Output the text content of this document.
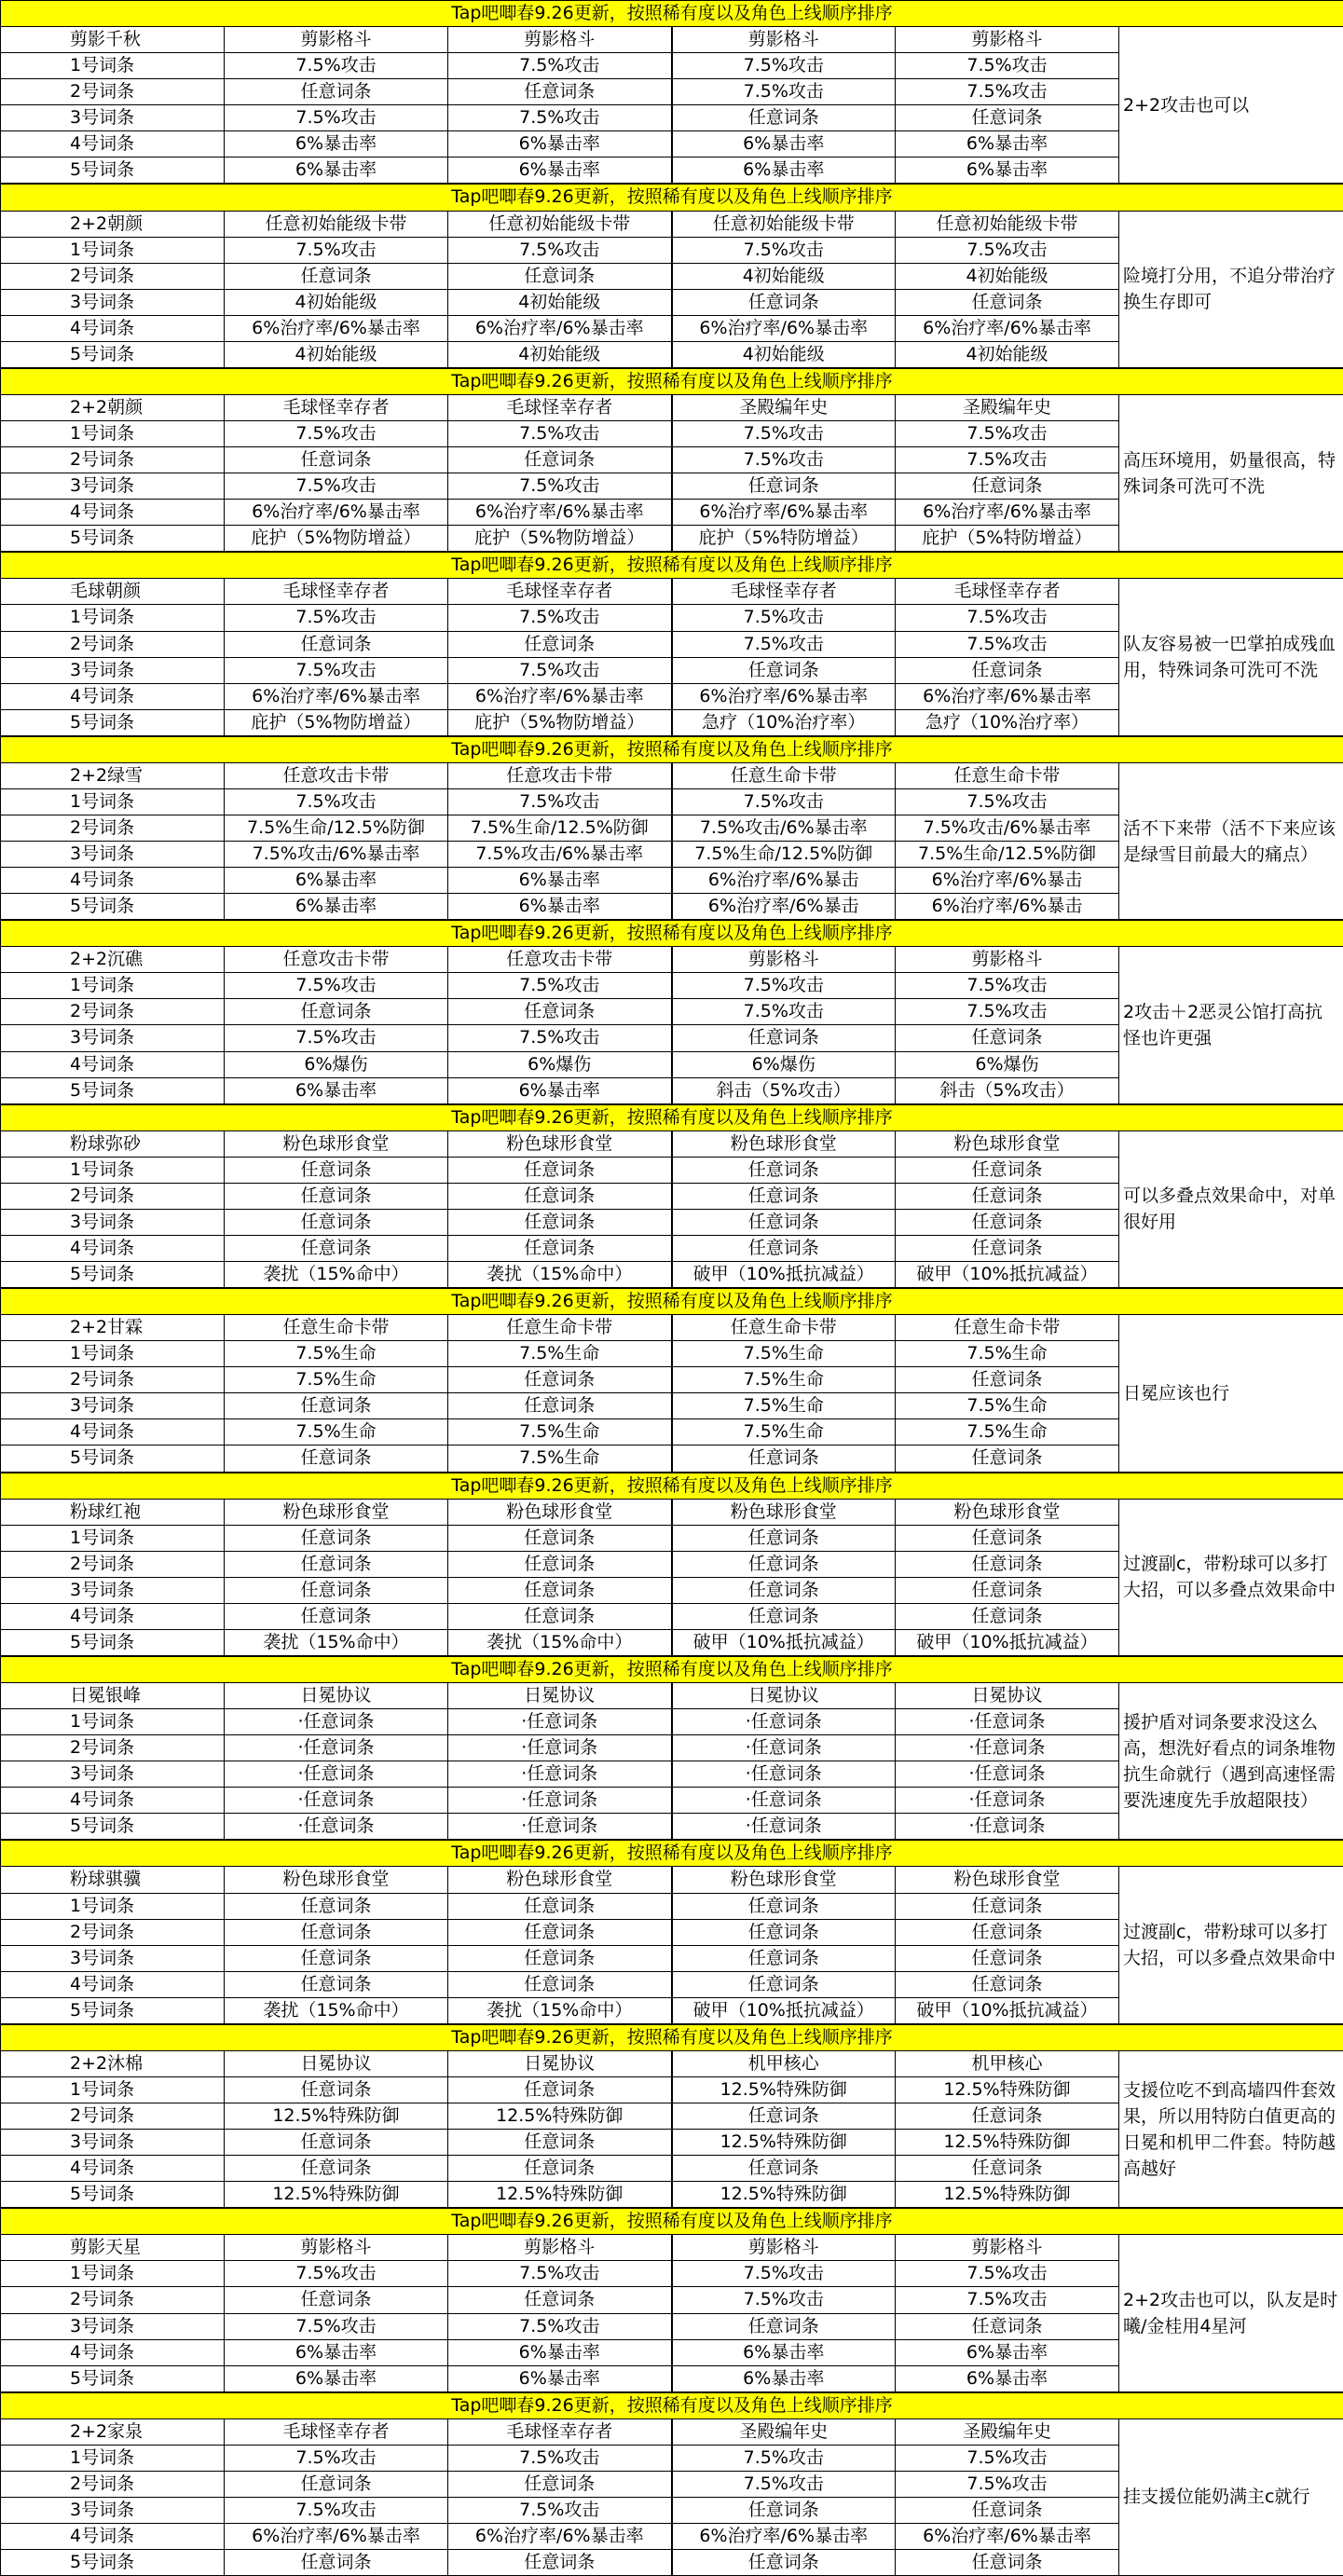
Tap吧唧春9.26更新，按照稀有度以及角色上线顺序排序					
剪影千秋	剪影格斗	剪影格斗	剪影格斗	剪影格斗	2+2攻击也可以
1号词条	7.5%攻击	7.5%攻击	7.5%攻击	7.5%攻击	
2号词条	任意词条	任意词条	7.5%攻击	7.5%攻击	
3号词条	7.5%攻击	7.5%攻击	任意词条	任意词条	
4号词条	6%暴击率	6%暴击率	6%暴击率	6%暴击率	
5号词条	6%暴击率	6%暴击率	6%暴击率	6%暴击率	
Tap吧唧春9.26更新，按照稀有度以及角色上线顺序排序					
2+2朝颜	任意初始能级卡带	任意初始能级卡带	任意初始能级卡带	任意初始能级卡带	险境打分用，不追分带治疗换生存即可
1号词条	7.5%攻击	7.5%攻击	7.5%攻击	7.5%攻击	
2号词条	任意词条	任意词条	4初始能级	4初始能级	
3号词条	4初始能级	4初始能级	任意词条	任意词条	
4号词条	6%治疗率/6%暴击率	6%治疗率/6%暴击率	6%治疗率/6%暴击率	6%治疗率/6%暴击率	
5号词条	4初始能级	4初始能级	4初始能级	4初始能级	
Tap吧唧春9.26更新，按照稀有度以及角色上线顺序排序					
2+2朝颜	毛球怪幸存者	毛球怪幸存者	圣殿编年史	圣殿编年史	高压环境用，奶量很高，特殊词条可洗可不洗
1号词条	7.5%攻击	7.5%攻击	7.5%攻击	7.5%攻击	
2号词条	任意词条	任意词条	7.5%攻击	7.5%攻击	
3号词条	7.5%攻击	7.5%攻击	任意词条	任意词条	
4号词条	6%治疗率/6%暴击率	6%治疗率/6%暴击率	6%治疗率/6%暴击率	6%治疗率/6%暴击率	
5号词条	庇护（5%物防增益）	庇护（5%物防增益）	庇护（5%特防增益）	庇护（5%特防增益）	
Tap吧唧春9.26更新，按照稀有度以及角色上线顺序排序					
毛球朝颜	毛球怪幸存者	毛球怪幸存者	毛球怪幸存者	毛球怪幸存者	队友容易被一巴掌拍成残血用，特殊词条可洗可不洗
1号词条	7.5%攻击	7.5%攻击	7.5%攻击	7.5%攻击	
2号词条	任意词条	任意词条	7.5%攻击	7.5%攻击	
3号词条	7.5%攻击	7.5%攻击	任意词条	任意词条	
4号词条	6%治疗率/6%暴击率	6%治疗率/6%暴击率	6%治疗率/6%暴击率	6%治疗率/6%暴击率	
5号词条	庇护（5%物防增益）	庇护（5%物防增益）	急疗（10%治疗率）	急疗（10%治疗率）	
Tap吧唧春9.26更新，按照稀有度以及角色上线顺序排序					
2+2绿雪	任意攻击卡带	任意攻击卡带	任意生命卡带	任意生命卡带	活不下来带（活不下来应该是绿雪目前最大的痛点）
1号词条	7.5%攻击	7.5%攻击	7.5%攻击	7.5%攻击	
2号词条	7.5%生命/12.5%防御	7.5%生命/12.5%防御	7.5%攻击/6%暴击率	7.5%攻击/6%暴击率	
3号词条	7.5%攻击/6%暴击率	7.5%攻击/6%暴击率	7.5%生命/12.5%防御	7.5%生命/12.5%防御	
4号词条	6%暴击率	6%暴击率	6%治疗率/6%暴击	6%治疗率/6%暴击	
5号词条	6%暴击率	6%暴击率	6%治疗率/6%暴击	6%治疗率/6%暴击	
Tap吧唧春9.26更新，按照稀有度以及角色上线顺序排序					
2+2沉礁	任意攻击卡带	任意攻击卡带	剪影格斗	剪影格斗	2攻击＋2恶灵公馆打高抗怪也许更强
1号词条	7.5%攻击	7.5%攻击	7.5%攻击	7.5%攻击	
2号词条	任意词条	任意词条	7.5%攻击	7.5%攻击	
3号词条	7.5%攻击	7.5%攻击	任意词条	任意词条	
4号词条	6%爆伤	6%爆伤	6%爆伤	6%爆伤	
5号词条	6%暴击率	6%暴击率	斜击（5%攻击）	斜击（5%攻击）	
Tap吧唧春9.26更新，按照稀有度以及角色上线顺序排序					
粉球弥砂	粉色球形食堂	粉色球形食堂	粉色球形食堂	粉色球形食堂	可以多叠点效果命中，对单很好用
1号词条	任意词条	任意词条	任意词条	任意词条	
2号词条	任意词条	任意词条	任意词条	任意词条	
3号词条	任意词条	任意词条	任意词条	任意词条	
4号词条	任意词条	任意词条	任意词条	任意词条	
5号词条	袭扰（15%命中）	袭扰（15%命中）	破甲（10%抵抗减益）	破甲（10%抵抗减益）	
Tap吧唧春9.26更新，按照稀有度以及角色上线顺序排序					
2+2甘霖	任意生命卡带	任意生命卡带	任意生命卡带	任意生命卡带	日冕应该也行
1号词条	7.5%生命	7.5%生命	7.5%生命	7.5%生命	
2号词条	7.5%生命	任意词条	7.5%生命	任意词条	
3号词条	任意词条	任意词条	7.5%生命	7.5%生命	
4号词条	7.5%生命	7.5%生命	7.5%生命	7.5%生命	
5号词条	任意词条	7.5%生命	任意词条	任意词条	
Tap吧唧春9.26更新，按照稀有度以及角色上线顺序排序					
粉球红袍	粉色球形食堂	粉色球形食堂	粉色球形食堂	粉色球形食堂	过渡副c，带粉球可以多打大招，可以多叠点效果命中
1号词条	任意词条	任意词条	任意词条	任意词条	
2号词条	任意词条	任意词条	任意词条	任意词条	
3号词条	任意词条	任意词条	任意词条	任意词条	
4号词条	任意词条	任意词条	任意词条	任意词条	
5号词条	袭扰（15%命中）	袭扰（15%命中）	破甲（10%抵抗减益）	破甲（10%抵抗减益）	
Tap吧唧春9.26更新，按照稀有度以及角色上线顺序排序					
日冕银峰	日冕协议	日冕协议	日冕协议	日冕协议	援护盾对词条要求没这么高，想洗好看点的词条堆物抗生命就行（遇到高速怪需要洗速度先手放超限技）
1号词条	·任意词条	·任意词条	·任意词条	·任意词条	
2号词条	·任意词条	·任意词条	·任意词条	·任意词条	
3号词条	·任意词条	·任意词条	·任意词条	·任意词条	
4号词条	·任意词条	·任意词条	·任意词条	·任意词条	
5号词条	·任意词条	·任意词条	·任意词条	·任意词条	
Tap吧唧春9.26更新，按照稀有度以及角色上线顺序排序					
粉球骐骥	粉色球形食堂	粉色球形食堂	粉色球形食堂	粉色球形食堂	过渡副c，带粉球可以多打大招，可以多叠点效果命中
1号词条	任意词条	任意词条	任意词条	任意词条	
2号词条	任意词条	任意词条	任意词条	任意词条	
3号词条	任意词条	任意词条	任意词条	任意词条	
4号词条	任意词条	任意词条	任意词条	任意词条	
5号词条	袭扰（15%命中）	袭扰（15%命中）	破甲（10%抵抗减益）	破甲（10%抵抗减益）	
Tap吧唧春9.26更新，按照稀有度以及角色上线顺序排序					
2+2沐棉	日冕协议	日冕协议	机甲核心	机甲核心	支援位吃不到高墙四件套效果，所以用特防白值更高的日冕和机甲二件套。特防越高越好
1号词条	任意词条	任意词条	12.5%特殊防御	12.5%特殊防御	
2号词条	12.5%特殊防御	12.5%特殊防御	任意词条	任意词条	
3号词条	任意词条	任意词条	12.5%特殊防御	12.5%特殊防御	
4号词条	任意词条	任意词条	任意词条	任意词条	
5号词条	12.5%特殊防御	12.5%特殊防御	12.5%特殊防御	12.5%特殊防御	
Tap吧唧春9.26更新，按照稀有度以及角色上线顺序排序					
剪影天星	剪影格斗	剪影格斗	剪影格斗	剪影格斗	2+2攻击也可以，队友是时曦/金桂用4星河
1号词条	7.5%攻击	7.5%攻击	7.5%攻击	7.5%攻击	
2号词条	任意词条	任意词条	7.5%攻击	7.5%攻击	
3号词条	7.5%攻击	7.5%攻击	任意词条	任意词条	
4号词条	6%暴击率	6%暴击率	6%暴击率	6%暴击率	
5号词条	6%暴击率	6%暴击率	6%暴击率	6%暴击率	
Tap吧唧春9.26更新，按照稀有度以及角色上线顺序排序					
2+2家泉	毛球怪幸存者	毛球怪幸存者	圣殿编年史	圣殿编年史	挂支援位能奶满主c就行
1号词条	7.5%攻击	7.5%攻击	7.5%攻击	7.5%攻击	
2号词条	任意词条	任意词条	7.5%攻击	7.5%攻击	
3号词条	7.5%攻击	7.5%攻击	任意词条	任意词条	
4号词条	6%治疗率/6%暴击率	6%治疗率/6%暴击率	6%治疗率/6%暴击率	6%治疗率/6%暴击率	
5号词条	任意词条	任意词条	任意词条	任意词条	
